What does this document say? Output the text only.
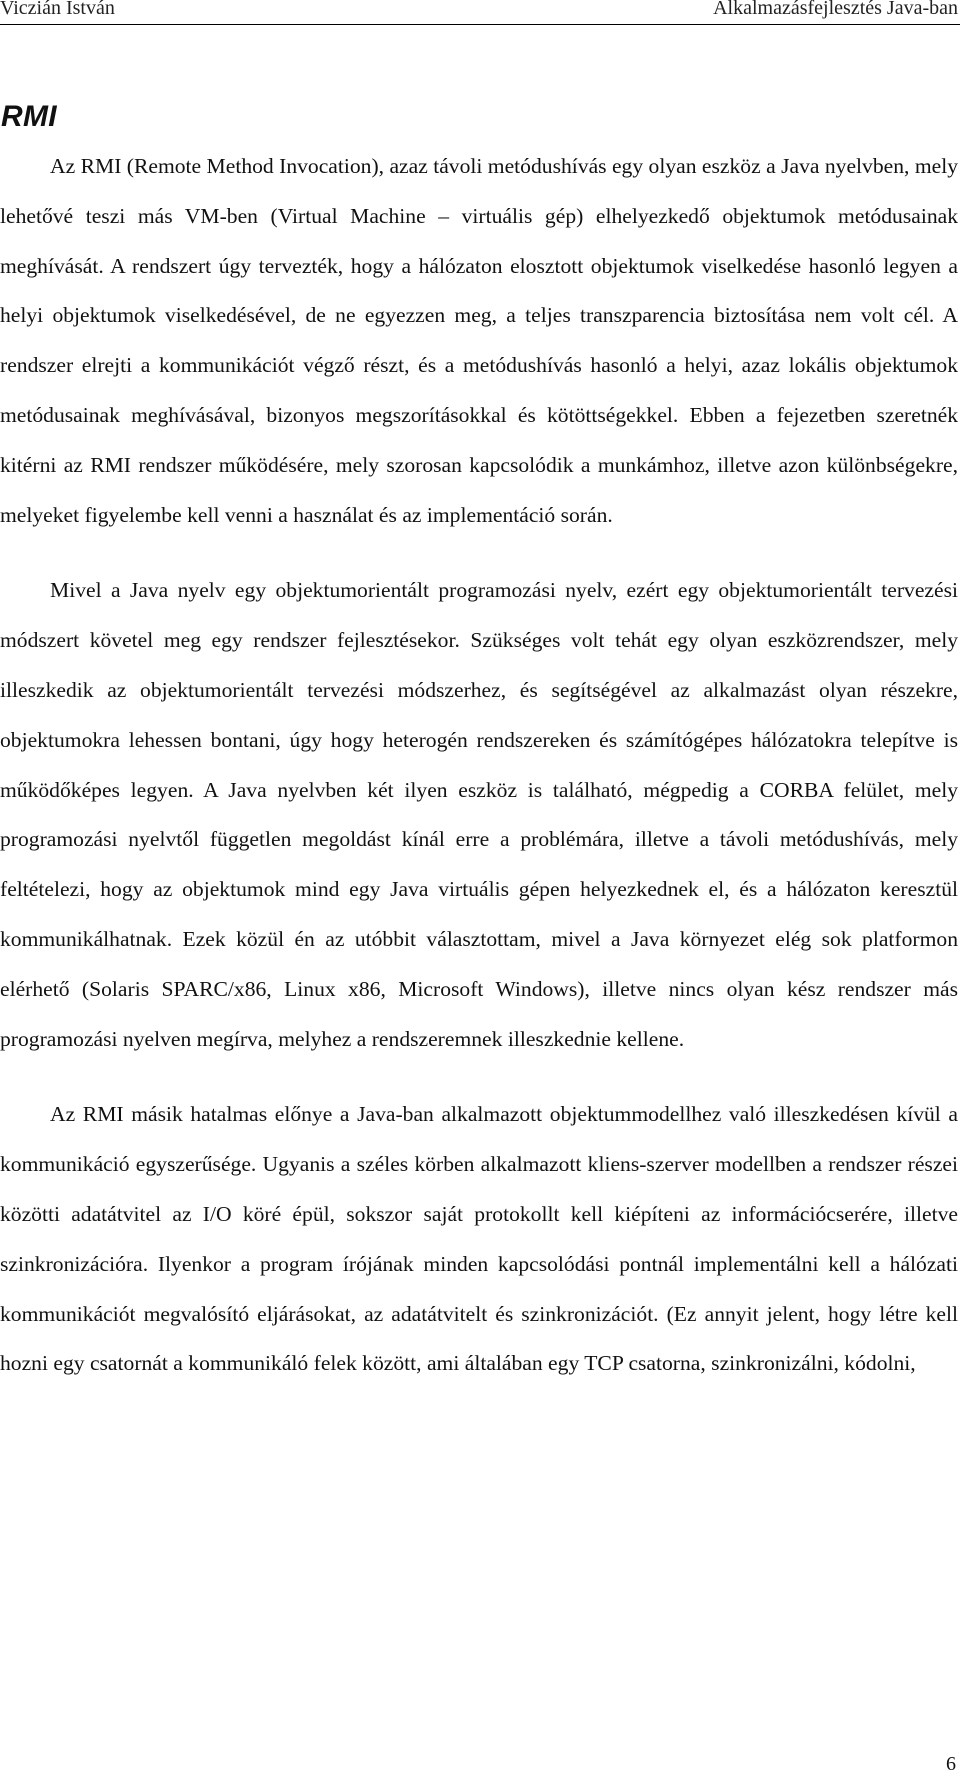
Viczián István	Alkalmazásfejlesztés Java-ban
RMI

Az RMI (Remote Method Invocation), azaz távoli metódushívás egy olyan eszköz a Java nyelvben, mely lehetővé teszi más VM-ben (Virtual Machine – virtuális gép) elhelyezkedő objektumok metódusainak meghívását. A rendszert úgy tervezték, hogy a hálózaton elosztott objektumok viselkedése hasonló legyen a helyi objektumok viselkedésével, de ne egyezzen meg, a teljes transzparencia biztosítása nem volt cél. A rendszer elrejti a kommunikációt végző részt, és a metódushívás hasonló a helyi, azaz lokális objektumok metódusainak meghívásával, bizonyos megszorításokkal és kötöttségekkel. Ebben a fejezetben szeretnék kitérni az RMI rendszer működésére, mely szorosan kapcsolódik a munkámhoz, illetve azon különbségekre, melyeket figyelembe kell venni a használat és az implementáció során.

Mivel a Java nyelv egy objektumorientált programozási nyelv, ezért egy objektumorientált tervezési módszert követel meg egy rendszer fejlesztésekor. Szükséges volt tehát egy olyan eszközrendszer, mely illeszkedik az objektumorientált tervezési módszerhez, és segítségével az alkalmazást olyan részekre, objektumokra lehessen bontani, úgy hogy heterogén rendszereken és számítógépes hálózatokra telepítve is működőképes legyen. A Java nyelvben két ilyen eszköz is található, mégpedig a CORBA felület, mely programozási nyelvtől független megoldást kínál erre a problémára, illetve a távoli metódushívás, mely feltételezi, hogy az objektumok mind egy Java virtuális gépen helyezkednek el, és a hálózaton keresztül kommunikálhatnak. Ezek közül én az utóbbit választottam, mivel a Java környezet elég sok platformon elérhető (Solaris SPARC/x86, Linux x86, Microsoft Windows), illetve nincs olyan kész rendszer más programozási nyelven megírva, melyhez a rendszeremnek illeszkednie kellene.

Az RMI másik hatalmas előnye a Java-ban alkalmazott objektummodellhez való illeszkedésen kívül a kommunikáció egyszerűsége. Ugyanis a széles körben alkalmazott kliens-szerver modellben a rendszer részei közötti adatátvitel az I/O köré épül, sokszor saját protokollt kell kiépíteni az információcserére, illetve szinkronizációra. Ilyenkor a program írójának minden kapcsolódási pontnál implementálni kell a hálózati kommunikációt megvalósító eljárásokat, az adatátvitelt és szinkronizációt. (Ez annyit jelent, hogy létre kell hozni egy csatornát a kommunikáló felek között, ami általában egy TCP csatorna, szinkronizálni, kódolni,

6
